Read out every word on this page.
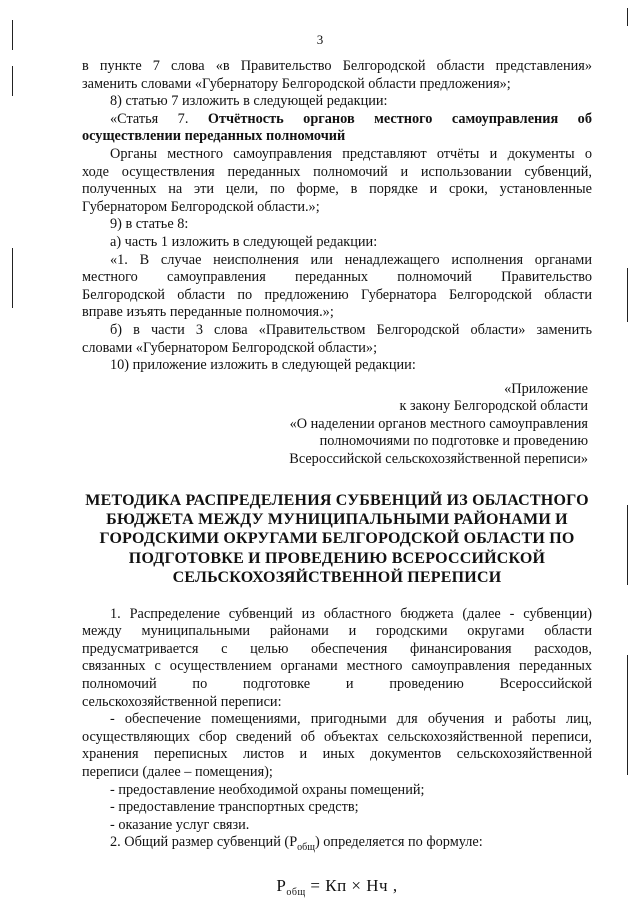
3

в пункте 7 слова «в Правительство Белгородской области представления»

заменить словами «Губернатору Белгородской области предложения»;

8) статью 7 изложить в следующей редакции:

«Статья 7. Отчётность органов местного самоуправления об

осуществлении переданных полномочий

Органы местного самоуправления представляют отчёты и документы о

ходе осуществления переданных полномочий и использовании субвенций,

полученных на эти цели, по форме, в порядке и сроки, установленные

Губернатором Белгородской области.»;

9) в статье 8:

а) часть 1 изложить в следующей редакции:

«1. В случае неисполнения или ненадлежащего исполнения органами

местного самоуправления переданных полномочий Правительство

Белгородской области по предложению Губернатора Белгородской области

вправе изъять переданные полномочия.»;

б) в части 3 слова «Правительством Белгородской области» заменить

словами «Губернатором Белгородской области»;

10) приложение изложить в следующей редакции:

«Приложение

к закону Белгородской области

«О наделении органов местного самоуправления

полномочиями по подготовке и проведению

Всероссийской сельскохозяйственной переписи»

МЕТОДИКА РАСПРЕДЕЛЕНИЯ СУБВЕНЦИЙ ИЗ ОБЛАСТНОГО
БЮДЖЕТА МЕЖДУ МУНИЦИПАЛЬНЫМИ РАЙОНАМИ И
ГОРОДСКИМИ ОКРУГАМИ БЕЛГОРОДСКОЙ ОБЛАСТИ ПО
ПОДГОТОВКЕ И ПРОВЕДЕНИЮ ВСЕРОССИЙСКОЙ
СЕЛЬСКОХОЗЯЙСТВЕННОЙ ПЕРЕПИСИ

1. Распределение субвенций из областного бюджета (далее - субвенции)

между муниципальными районами и городскими округами области

предусматривается с целью обеспечения финансирования расходов,

связанных с осуществлением органами местного самоуправления переданных

полномочий по подготовке и проведению Всероссийской

сельскохозяйственной переписи:

- обеспечение помещениями, пригодными для обучения и работы лиц,

осуществляющих сбор сведений об объектах сельскохозяйственной переписи,

хранения переписных листов и иных документов сельскохозяйственной

переписи (далее – помещения);

- предоставление необходимой охраны помещений;

- предоставление транспортных средств;

- оказание услуг связи.

2. Общий размер субвенций $(P_{общ})$ определяется по формуле:

$P_{общ}$ = Кп × Нч ,
